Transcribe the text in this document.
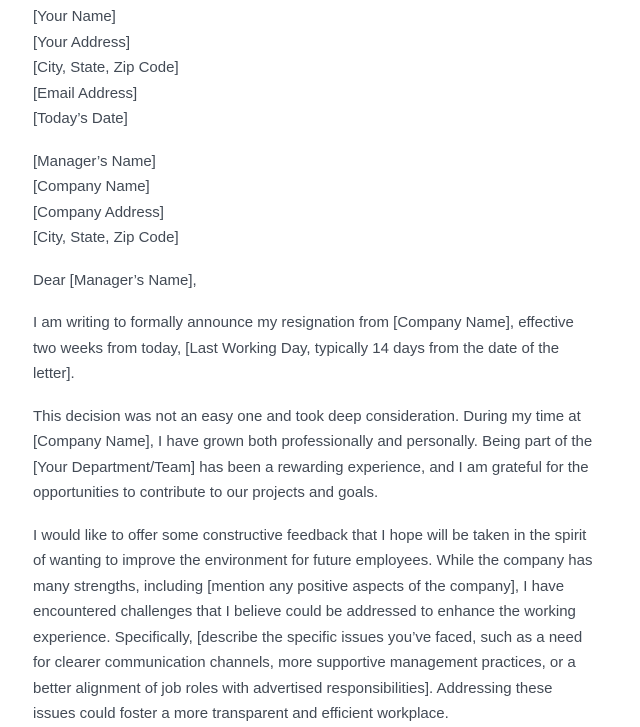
[Your Name]
[Your Address]
[City, State, Zip Code]
[Email Address]
[Today’s Date]
[Manager’s Name]
[Company Name]
[Company Address]
[City, State, Zip Code]

Dear [Manager’s Name],

I am writing to formally announce my resignation from [Company Name], effective two weeks from today, [Last Working Day, typically 14 days from the date of the letter].

This decision was not an easy one and took deep consideration. During my time at [Company Name], I have grown both professionally and personally. Being part of the [Your Department/Team] has been a rewarding experience, and I am grateful for the opportunities to contribute to our projects and goals.

I would like to offer some constructive feedback that I hope will be taken in the spirit of wanting to improve the environment for future employees. While the company has many strengths, including [mention any positive aspects of the company], I have encountered challenges that I believe could be addressed to enhance the working experience. Specifically, [describe the specific issues you’ve faced, such as a need for clearer communication channels, more supportive management practices, or a better alignment of job roles with advertised responsibilities]. Addressing these issues could foster a more transparent and efficient workplace.
